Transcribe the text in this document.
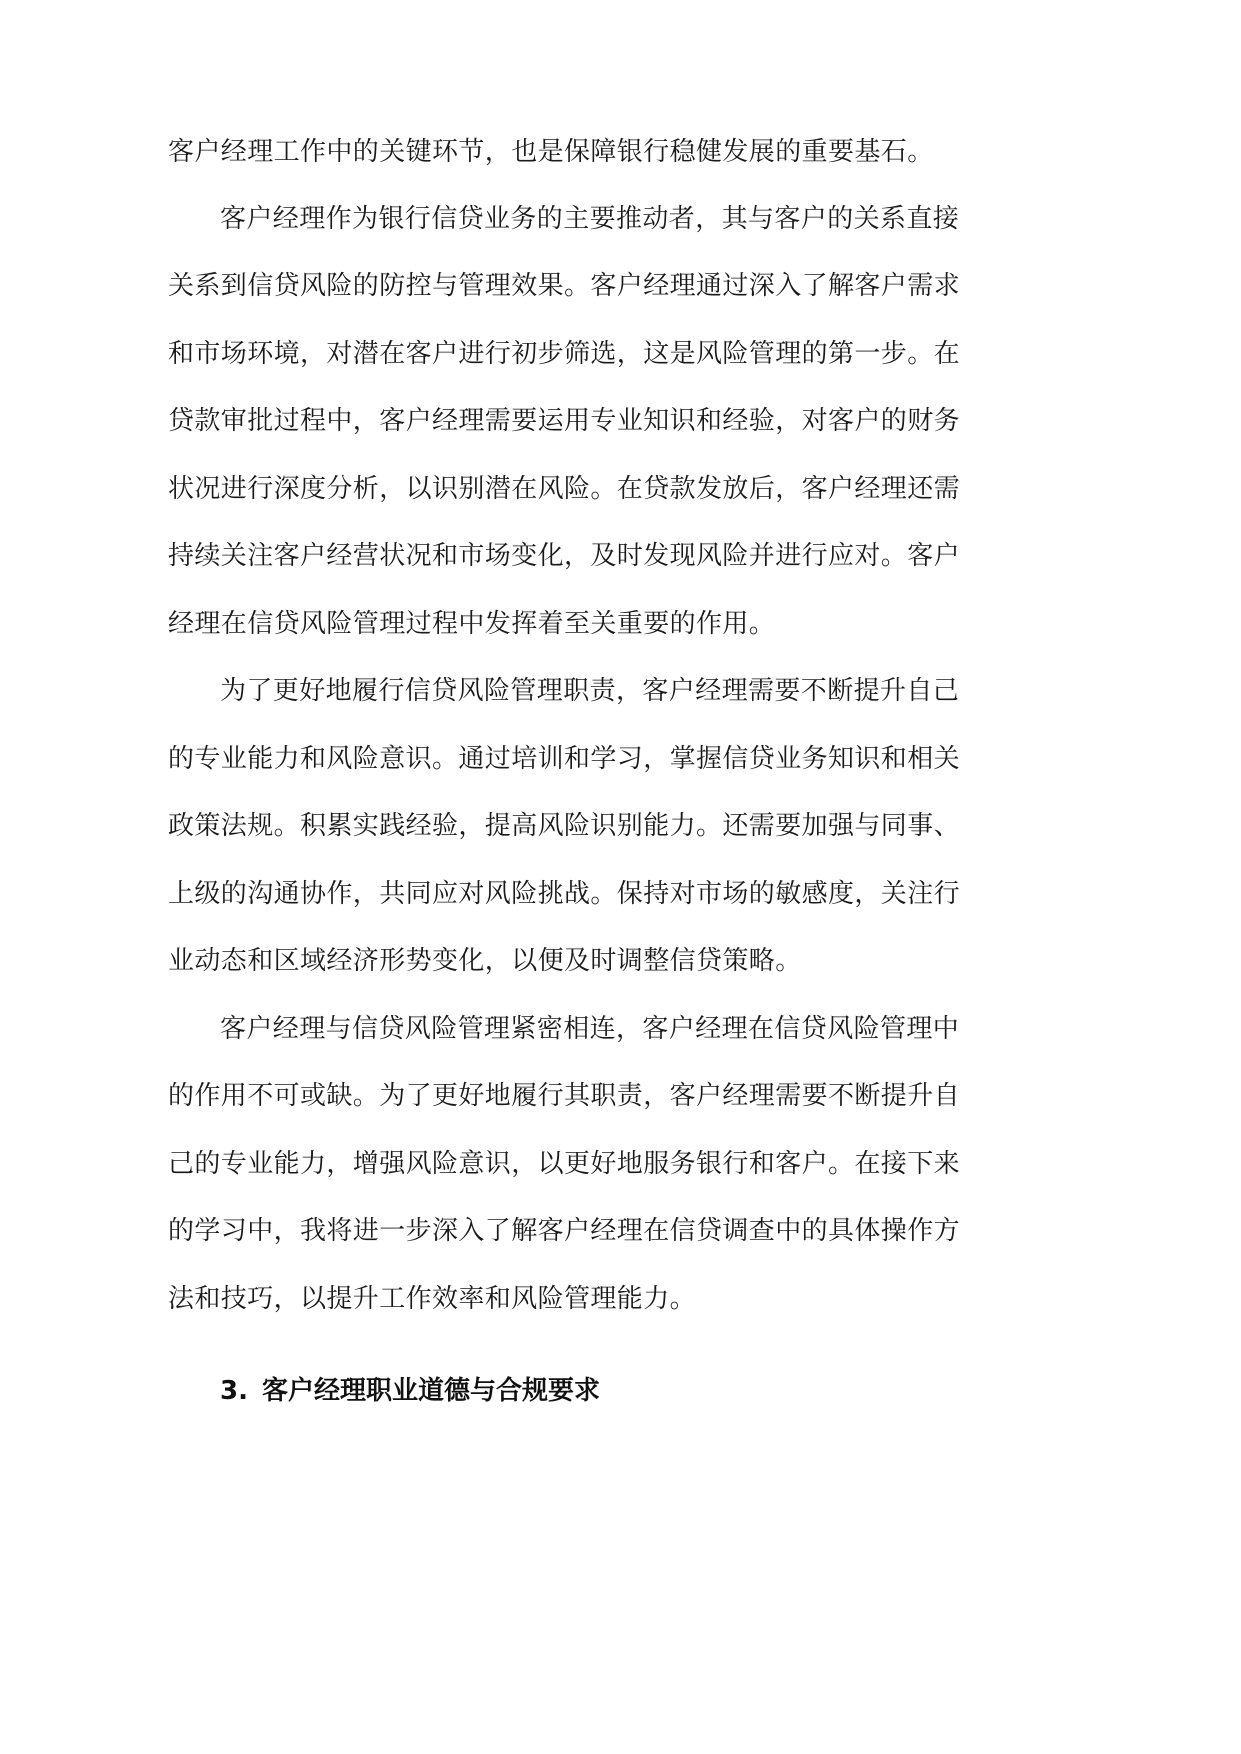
客户经理工作中的关键环节，也是保障银行稳健发展的重要基石。
客户经理作为银行信贷业务的主要推动者，其与客户的关系直接
关系到信贷风险的防控与管理效果。客户经理通过深入了解客户需求
和市场环境，对潜在客户进行初步筛选，这是风险管理的第一步。在
贷款审批过程中，客户经理需要运用专业知识和经验，对客户的财务
状况进行深度分析，以识别潜在风险。在贷款发放后，客户经理还需
持续关注客户经营状况和市场变化，及时发现风险并进行应对。客户
经理在信贷风险管理过程中发挥着至关重要的作用。
为了更好地履行信贷风险管理职责，客户经理需要不断提升自己
的专业能力和风险意识。通过培训和学习，掌握信贷业务知识和相关
政策法规。积累实践经验，提高风险识别能力。还需要加强与同事、
上级的沟通协作，共同应对风险挑战。保持对市场的敏感度，关注行
业动态和区域经济形势变化，以便及时调整信贷策略。
客户经理与信贷风险管理紧密相连，客户经理在信贷风险管理中
的作用不可或缺。为了更好地履行其职责，客户经理需要不断提升自
己的专业能力，增强风险意识，以更好地服务银行和客户。在接下来
的学习中，我将进一步深入了解客户经理在信贷调查中的具体操作方
法和技巧，以提升工作效率和风险管理能力。
3. 客户经理职业道德与合规要求
